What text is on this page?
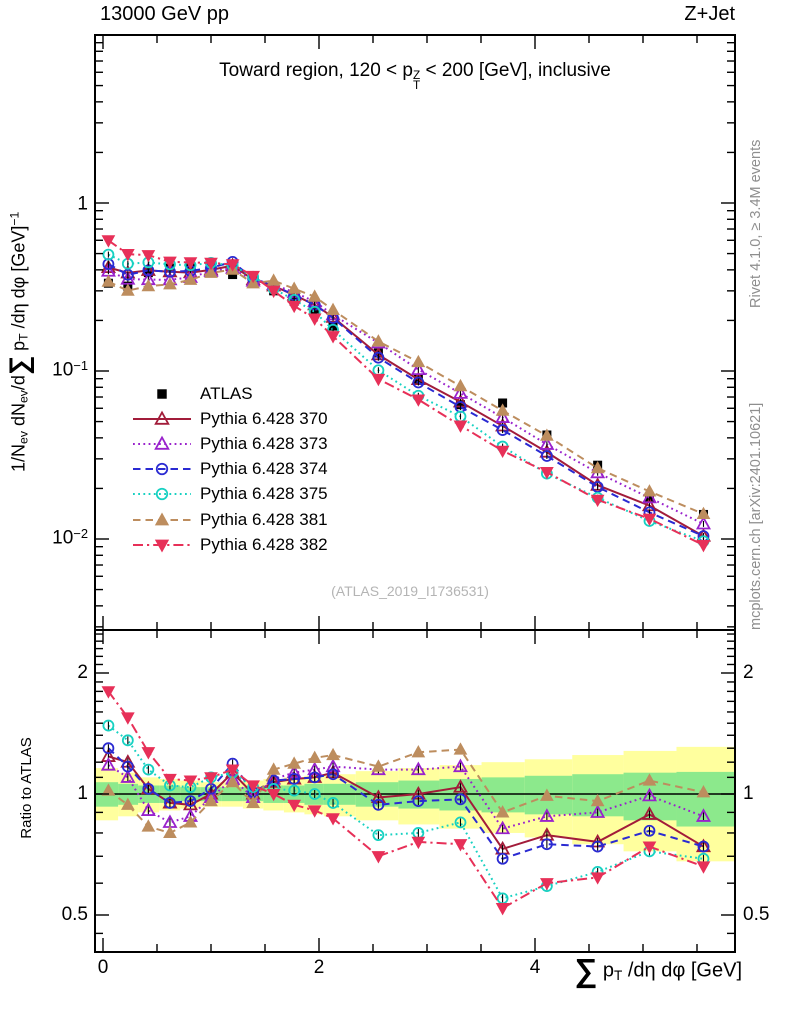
13000 GeV pp	Z+Jet
Toward region, 120 < p Z
T
< 200 [GeV], inclusive
(ATLAS_2019_I1736531)
Rivet 4.1.0, ≥ 3.4M events
mcplots.cern.ch [arXiv:2401.10621]
$1/N_{ev}$ $dN_{ev}/d\sum$ $p_T$ /dη dφ [GeV]$^{-1}$
Ratio to ATLAS
∑ $p_T$ /dη dφ [GeV]
1
$10^{-1}$
$10^{-2}$
2
1
0.5
2
1
0.5
0	2	4
ATLAS
Pythia 6.428 370
Pythia 6.428 373
Pythia 6.428 374
Pythia 6.428 375
Pythia 6.428 381
Pythia 6.428 382
